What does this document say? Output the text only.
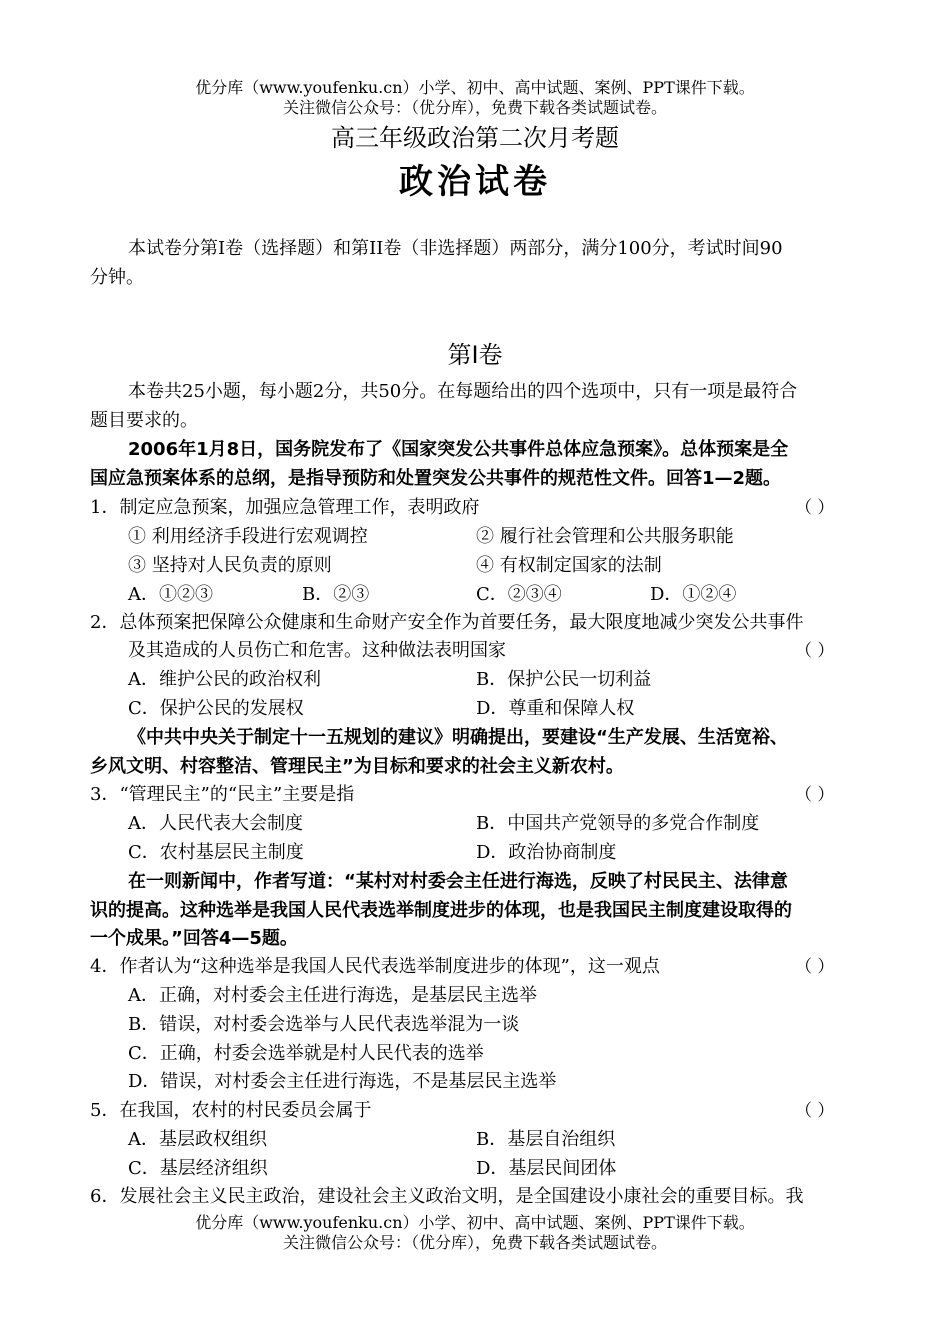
优分库（www.youfenku.cn）小学、初中、高中试题、案例、PPT课件下载。
关注微信公众号：（优分库），免费下载各类试题试卷。
高三年级政治第二次月考题
政治试卷
本试卷分第I卷（选择题）和第II卷（非选择题）两部分，满分100分，考试时间90
分钟。
第I卷
本卷共25小题，每小题2分，共50分。在每题给出的四个选项中，只有一项是最符合
题目要求的。
2006年1月8日，国务院发布了《国家突发公共事件总体应急预案》。总体预案是全
国应急预案体系的总纲，是指导预防和处置突发公共事件的规范性文件。回答1—2题。
1．制定应急预案，加强应急管理工作，表明政府	（ ）
① 利用经济手段进行宏观调控	② 履行社会管理和公共服务职能
③ 坚持对人民负责的原则	④ 有权制定国家的法制
A．①②③	B．②③	C．②③④	D．①②④
2．总体预案把保障公众健康和生命财产安全作为首要任务，最大限度地减少突发公共事件
及其造成的人员伤亡和危害。这种做法表明国家	（ ）
A．维护公民的政治权利	B．保护公民一切利益
C．保护公民的发展权	D．尊重和保障人权
《中共中央关于制定十一五规划的建议》明确提出，要建设“生产发展、生活宽裕、
乡风文明、村容整洁、管理民主”为目标和要求的社会主义新农村。
3．“管理民主”的“民主”主要是指	（ ）
A．人民代表大会制度	B．中国共产党领导的多党合作制度
C．农村基层民主制度	D．政治协商制度
在一则新闻中，作者写道：“某村对村委会主任进行海选，反映了村民民主、法律意
识的提高。这种选举是我国人民代表选举制度进步的体现，也是我国民主制度建设取得的
一个成果。”回答4—5题。
4．作者认为“这种选举是我国人民代表选举制度进步的体现”，这一观点	（ ）
A．正确，对村委会主任进行海选，是基层民主选举
B．错误，对村委会选举与人民代表选举混为一谈
C．正确，村委会选举就是村人民代表的选举
D．错误，对村委会主任进行海选，不是基层民主选举
5．在我国，农村的村民委员会属于	（ ）
A．基层政权组织	B．基层自治组织
C．基层经济组织	D．基层民间团体
6．发展社会主义民主政治，建设社会主义政治文明，是全国建设小康社会的重要目标。我
优分库（www.youfenku.cn）小学、初中、高中试题、案例、PPT课件下载。
关注微信公众号：（优分库），免费下载各类试题试卷。
